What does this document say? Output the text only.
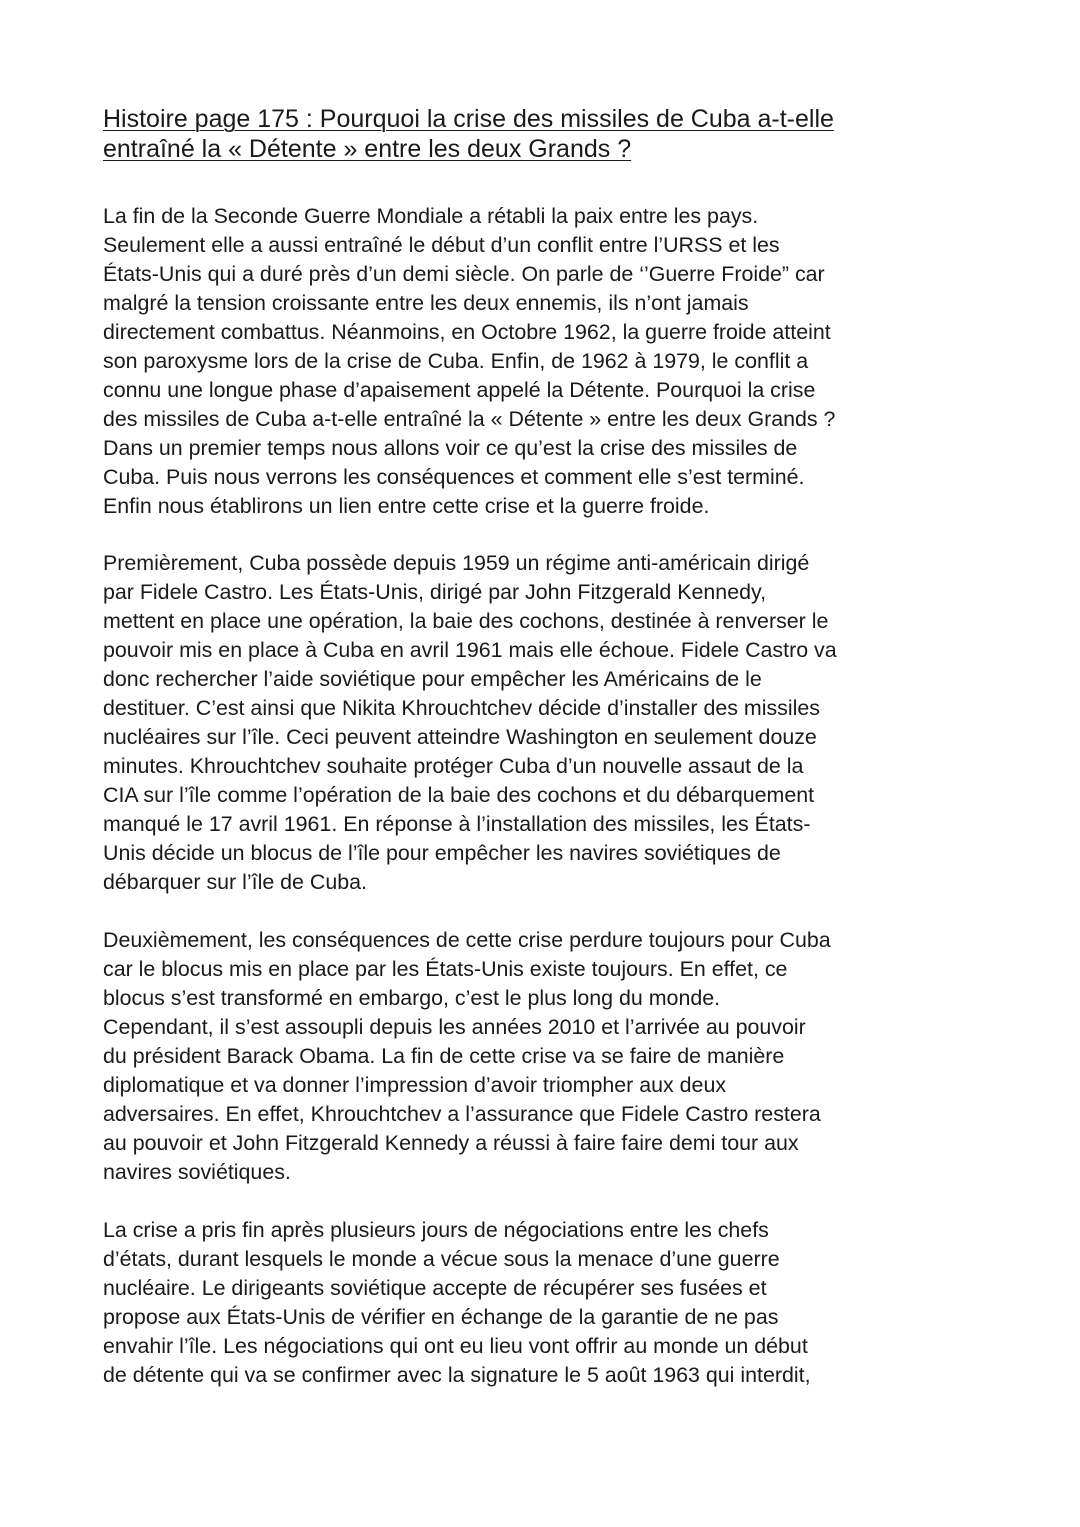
Histoire page 175 : Pourquoi la crise des missiles de Cuba a-t-elle
entraîné la « Détente » entre les deux Grands ?

La fin de la Seconde Guerre Mondiale a rétabli la paix entre les pays.
Seulement elle a aussi entraîné le début d’un conflit entre l’URSS et les
États-Unis qui a duré près d’un demi siècle. On parle de ‘’Guerre Froide” car
malgré la tension croissante entre les deux ennemis, ils n’ont jamais
directement combattus. Néanmoins, en Octobre 1962, la guerre froide atteint
son paroxysme lors de la crise de Cuba. Enfin, de 1962 à 1979, le conflit a
connu une longue phase d’apaisement appelé la Détente. Pourquoi la crise
des missiles de Cuba a-t-elle entraîné la « Détente » entre les deux Grands ?
Dans un premier temps nous allons voir ce qu’est la crise des missiles de
Cuba. Puis nous verrons les conséquences et comment elle s’est terminé.
Enfin nous établirons un lien entre cette crise et la guerre froide.

Premièrement, Cuba possède depuis 1959 un régime anti-américain dirigé
par Fidele Castro. Les États-Unis, dirigé par John Fitzgerald Kennedy,
mettent en place une opération, la baie des cochons, destinée à renverser le
pouvoir mis en place à Cuba en avril 1961 mais elle échoue. Fidele Castro va
donc rechercher l’aide soviétique pour empêcher les Américains de le
destituer. C’est ainsi que Nikita Khrouchtchev décide d’installer des missiles
nucléaires sur l’île. Ceci peuvent atteindre Washington en seulement douze
minutes. Khrouchtchev souhaite protéger Cuba d’un nouvelle assaut de la
CIA sur l’île comme l’opération de la baie des cochons et du débarquement
manqué le 17 avril 1961. En réponse à l’installation des missiles, les États-
Unis décide un blocus de l’île pour empêcher les navires soviétiques de
débarquer sur l’île de Cuba.

Deuxièmement, les conséquences de cette crise perdure toujours pour Cuba
car le blocus mis en place par les États-Unis existe toujours. En effet, ce
blocus s’est transformé en embargo, c’est le plus long du monde.
Cependant, il s’est assoupli depuis les années 2010 et l’arrivée au pouvoir
du président Barack Obama. La fin de cette crise va se faire de manière
diplomatique et va donner l’impression d’avoir triompher aux deux
adversaires. En effet, Khrouchtchev a l’assurance que Fidele Castro restera
au pouvoir et John Fitzgerald Kennedy a réussi à faire faire demi tour aux
navires soviétiques.

La crise a pris fin après plusieurs jours de négociations entre les chefs
d’états, durant lesquels le monde a vécue sous la menace d’une guerre
nucléaire. Le dirigeants soviétique accepte de récupérer ses fusées et
propose aux États-Unis de vérifier en échange de la garantie de ne pas
envahir l’île. Les négociations qui ont eu lieu vont offrir au monde un début
de détente qui va se confirmer avec la signature le 5 août 1963 qui interdit,
